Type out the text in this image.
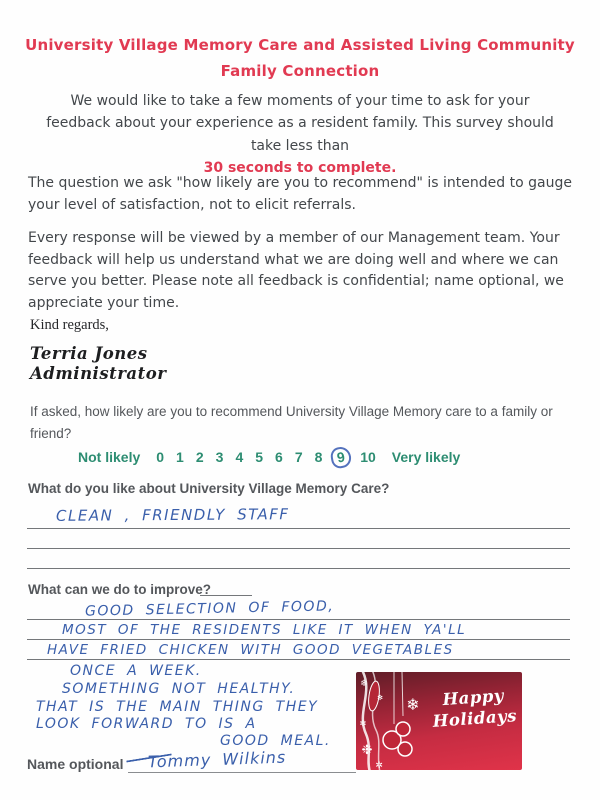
University Village Memory Care and Assisted Living Community
Family Connection
We would like to take a few moments of your time to ask for your feedback about your experience as a resident family. This survey should take less than
30 seconds to complete.
The question we ask "how likely are you to recommend" is intended to gauge your level of satisfaction, not to elicit referrals.
Every response will be viewed by a member of our Management team. Your feedback will help us understand what we are doing well and where we can serve you better. Please note all feedback is confidential; name optional, we appreciate your time.
Kind regards,
Terria Jones
Administrator
If asked, how likely are you to recommend University Village Memory care to a family or friend?
Not likely 0 1 2 3 4 5 6 7 8 9 10 Very likely
What do you like about University Village Memory Care?
CLEAN , FRIENDLY STAFF
What can we do to improve?
GOOD SELECTION OF FOOD,
MOST OF THE RESIDENTS LIKE IT WHEN YA'LL
HAVE FRIED CHICKEN WITH GOOD VEGETABLES
ONCE A WEEK.
SOMETHING NOT HEALTHY.
THAT IS THE MAIN THING THEY
LOOK FORWARD TO IS A
GOOD MEAL.
Name optional Tommy Wilkins
❄
✻ ❄
✼
❉
✲
Happy
Holidays
